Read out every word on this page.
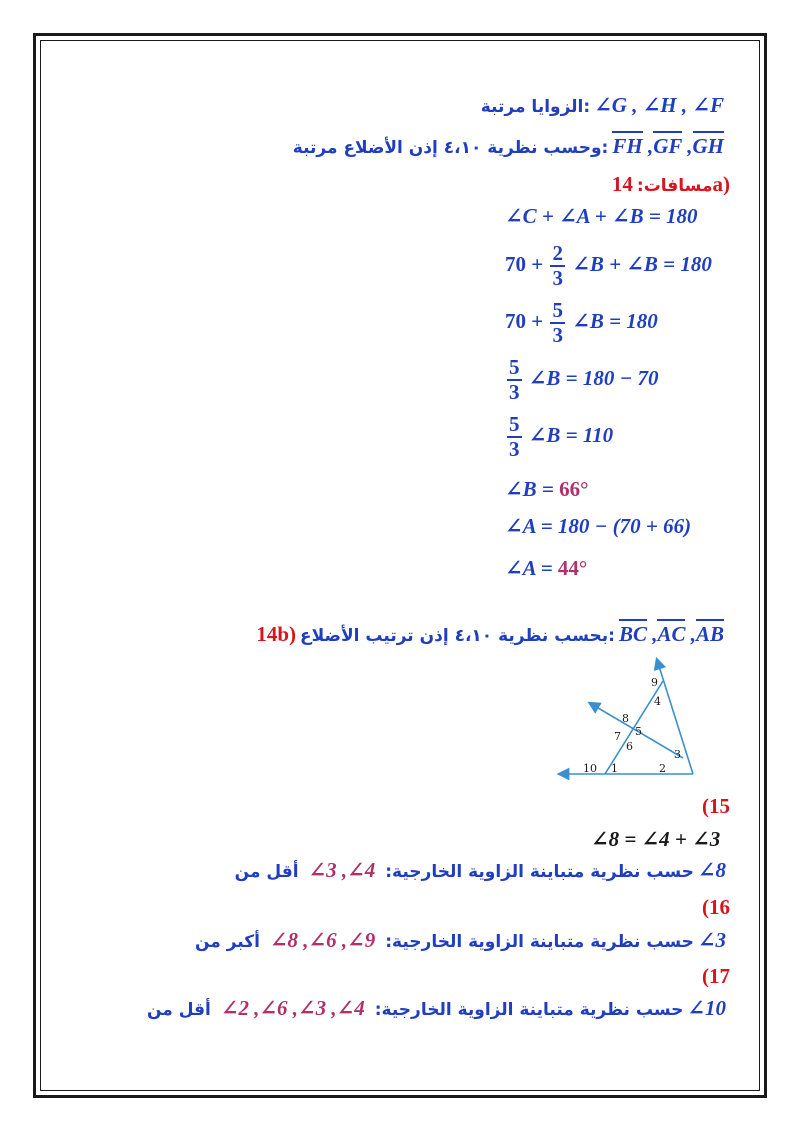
الزوايا مرتبة: ∠G , ∠H , ∠F
وحسب نظرية ٤،١٠ إذن الأضلاع مرتبة: FH ,GF ,GH
مسافات: 14a)
∠C + ∠A + ∠B = 180
$70 + \frac{2}{3}$ ∠B + ∠B = 180
$70 + \frac{5}{3}$ ∠B = 180
$\frac{5}{3}$ ∠B = 180 − 70
$\frac{5}{3}$ ∠B = 110
∠B = 66°
∠A = 180 − (70 + 66)
∠A = 44°
14b) بحسب نظرية ٤،١٠ إذن ترتيب الأضلاع: BC ,AC ,AB
1	2
3
4
5
6
7
8
9
10
(15
∠8 = ∠4 + ∠3
حسب نظرية متباينة الزاوية الخارجية: ∠3 ,∠4 أقل من	∠8
(16
حسب نظرية متباينة الزاوية الخارجية: ∠8 ,∠6 ,∠9 أكبر من	∠3
(17
حسب نظرية متباينة الزاوية الخارجية: ∠2 ,∠6 ,∠3 ,∠4 أقل من	∠10
